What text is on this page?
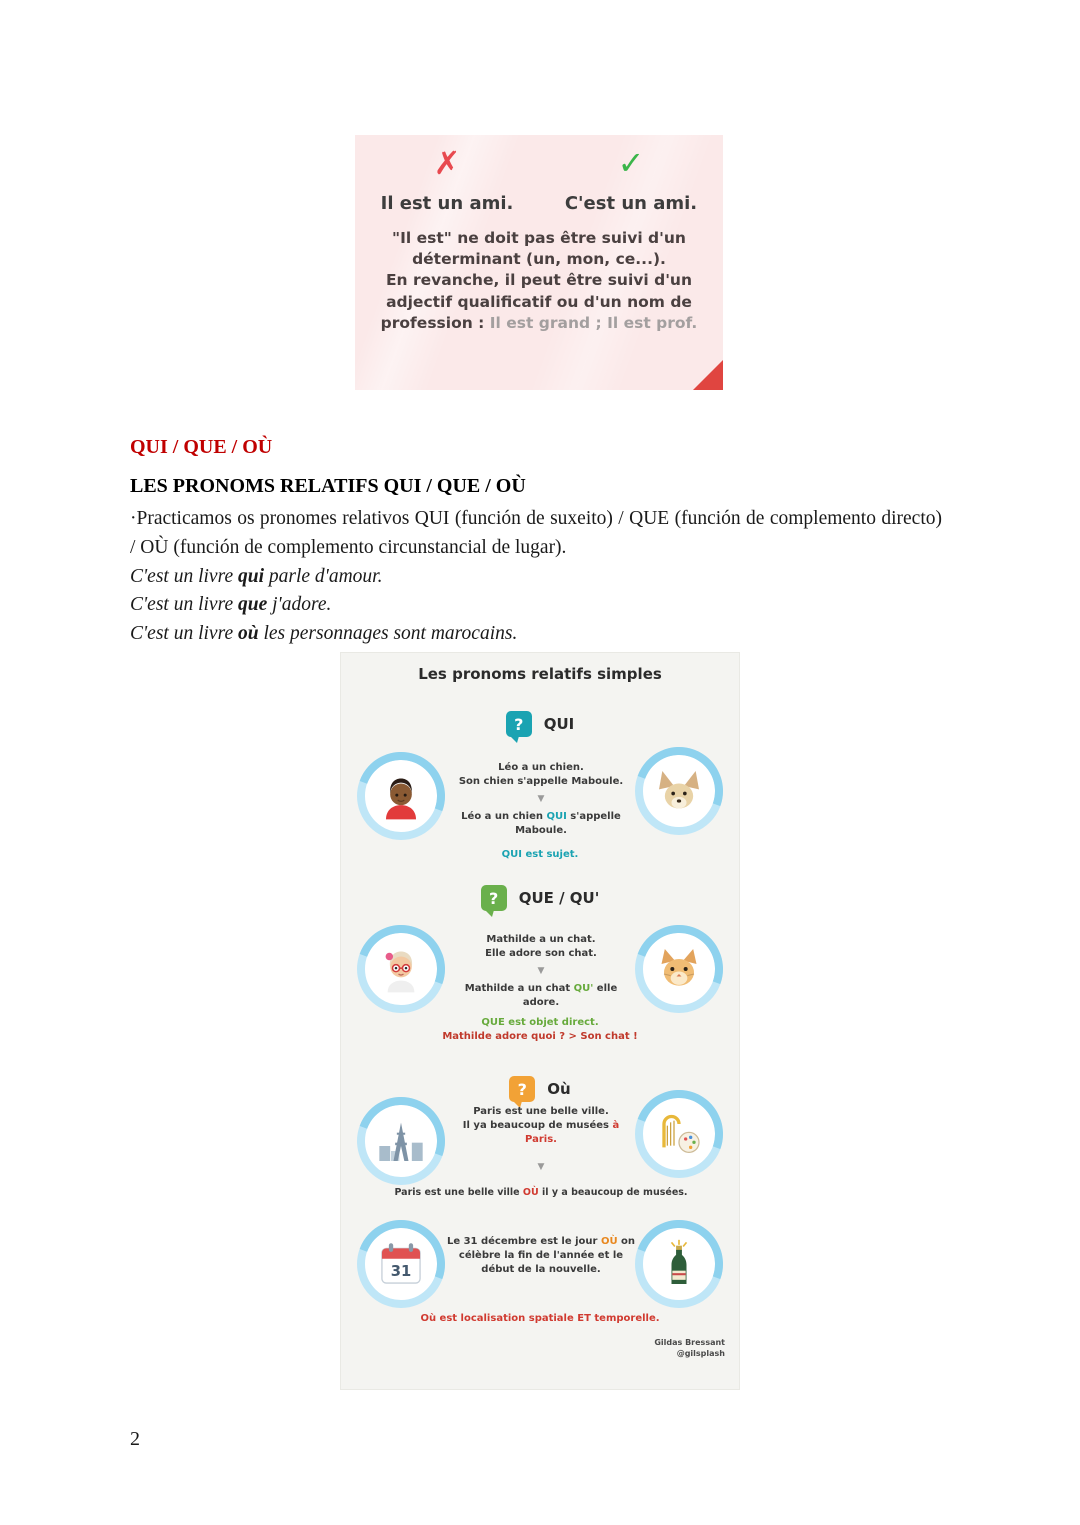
✗
Il est un ami.
✓
C'est un ami.
"Il est" ne doit pas être suivi d'un
déterminant (un, mon, ce...).
En revanche, il peut être suivi d'un
adjectif qualificatif ou d'un nom de
profession : Il est grand ; Il est prof.
QUI / QUE / OÙ
LES PRONOMS RELATIFS QUI / QUE / OÙ
·Practicamos os pronomes relativos QUI (función de suxeito) / QUE (función de complemento directo) / OÙ (función de complemento circunstancial de lugar).
C'est un livre qui parle d'amour.
C'est un livre que j'adore.
C'est un livre où les personnages sont marocains.
Les pronoms relatifs simples
?	QUI
Léo a un chien.
Son chien s'appelle Maboule.
▼
Léo a un chien QUI s'appelle Maboule.
QUI est sujet.
?	QUE / QU'
Mathilde a un chat.
Elle adore son chat.
▼
Mathilde a un chat QU' elle adore.
QUE est objet direct.
Mathilde adore quoi ? > Son chat !
?	Où
Paris est une belle ville.
Il ya beaucoup de musées à Paris.
▼
Paris est une belle ville OÙ il y a beaucoup de musées.
31
Le 31 décembre est le jour OÙ on célèbre la fin de l'année et le début de la nouvelle.
Où est localisation spatiale ET temporelle.
Gildas Bressant
@gilsplash
2
